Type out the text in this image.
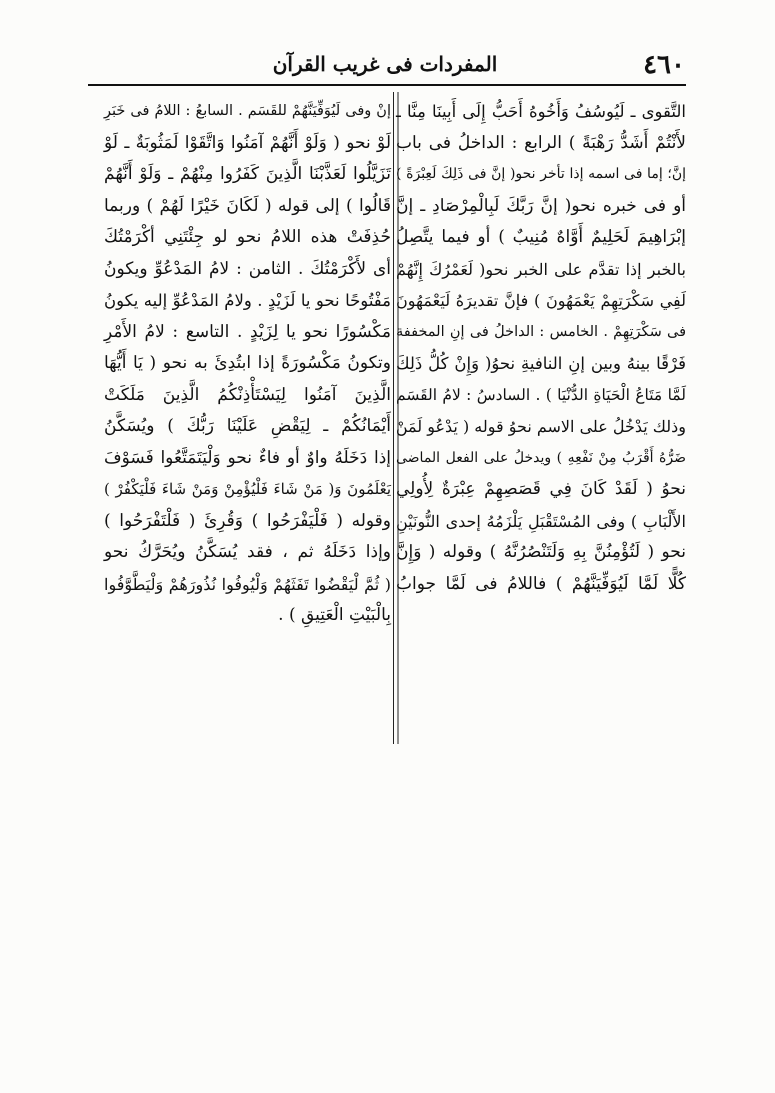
٤٦٠
المفردات فى غريب القرآن
التَّقوى ـ لَيُوسُفُ وَأَخُوهُ أَحَبُّ إِلَى أَبِينَا مِنَّا ـ
لأَنْتُمْ أَشَدُّ رَهْبَةً ) الرابع : الداخلُ فى باب
إنَّ؛ إما فى اسمه إذا تأخر نحو( إنَّ فى ذَلِكَ لَعِبْرَةً )
أو فى خبره نحو( إنَّ رَبَّكَ لَبِالْمِرْصَادِ ـ إنَّ
إبْرَاهِيمَ لَحَلِيمٌ أَوَّاهٌ مُنِيبٌ ) أو فيما يتَّصِلُ
بالخبر إذا تقدَّم على الخبر نحو( لَعَمْرُكَ إِنَّهُمْ
لَفِي سَكْرَتِهِمْ يَعْمَهُونَ ) فإنَّ تقديرَهُ لَيَعْمَهُونَ
فى سَكْرَتِهِمْ . الخامس : الداخلُ فى إنِ المخففة
فَرْقًا بينهُ وبين إنِ النافيةِ نحوُ( وَإِنْ كُلُّ ذَلِكَ
لَمَّا مَتَاعُ الْحَيَاةِ الدُّنْيَا ) . السادسُ : لامُ القَسَم
وذلك يَدْخُلُ على الاسم نحوُ قوله ( يَدْعُو لَمَنْ
ضَرُّهُ أَقْرَبُ مِنْ نَفْعِهِ ) ويدخلُ على الفعل الماضى
نحوُ ( لَقَدْ كَانَ فِي قَصَصِهِمْ عِبْرَةٌ لِأُولِي
الأَلْبَابِ ) وفى المُسْتَقْبَلِ يَلْزَمُهُ إحدى النُّونَيْنِ
نحو ( لَتُؤْمِنُنَّ بِهِ وَلَتَنْصُرُنَّهُ ) وقوله ( وَإِنَّ
كُلًّا لَمَّا لَيُوَفِّيَنَّهُمْ ) فاللامُ فى لَمَّا جوابُ
إنْ وفى لَيُوَفِّيَنَّهُمْ للقَسَم . السابعُ : اللامُ فى خَبَرِ
لَوْ نحو ( وَلَوْ أَنَّهُمْ آمَنُوا وَاتَّقَوْا لَمَثُوبَةٌ ـ لَوْ
تَزَيَّلُوا لَعَذَّبْنَا الَّذِينَ كَفَرُوا مِنْهُمْ ـ وَلَوْ أَنَّهُمْ
قَالُوا ) إلى قوله ( لَكَانَ خَيْرًا لَهُمْ ) وربما
حُذِفَتْ هذه اللامُ نحو لو جِئْتَنِي أكْرَمْتُكَ
أى لأَكْرَمْتُكَ . الثامن : لامُ المَدْعُوِّ ويكونُ
مَفْتُوحًا نحو يا لَزَيْدٍ . ولامُ المَدْعُوِّ إليه يكونُ
مَكْسُورًا نحو يا لِزَيْدٍ . التاسع : لامُ الأَمْرِ
وتكونُ مَكْسُورَةً إذا ابتُدِئَ به نحو ( يَا أَيُّهَا
الَّذِينَ آمَنُوا لِيَسْتَأْذِنْكُمُ الَّذِينَ مَلَكَتْ
أَيْمَانُكُمْ ـ لِيَقْضِ عَلَيْنَا رَبُّكَ ) ويُسَكَّنُ
إذا دَخَلَهُ واوٌ أو فاءٌ نحو وَلْيَتَمَتَّعُوا فَسَوْفَ
يَعْلَمُونَ وَ( مَنْ شَاءَ فَلْيُؤْمِنْ وَمَنْ شَاءَ فَلْيَكْفُرْ )
وقوله ( فَلْيَفْرَحُوا ) وَقُرِئَ ( فَلْتَفْرَحُوا )
وإذا دَخَلَهُ ثم ، فقد يُسَكَّنُ ويُحَرَّكُ نحو
( ثُمَّ لْيَقْضُوا تَفَثَهُمْ وَلْيُوفُوا نُذُورَهُمْ وَلْيَطَّوَّفُوا
بِالْبَيْتِ الْعَتِيقِ ) .
